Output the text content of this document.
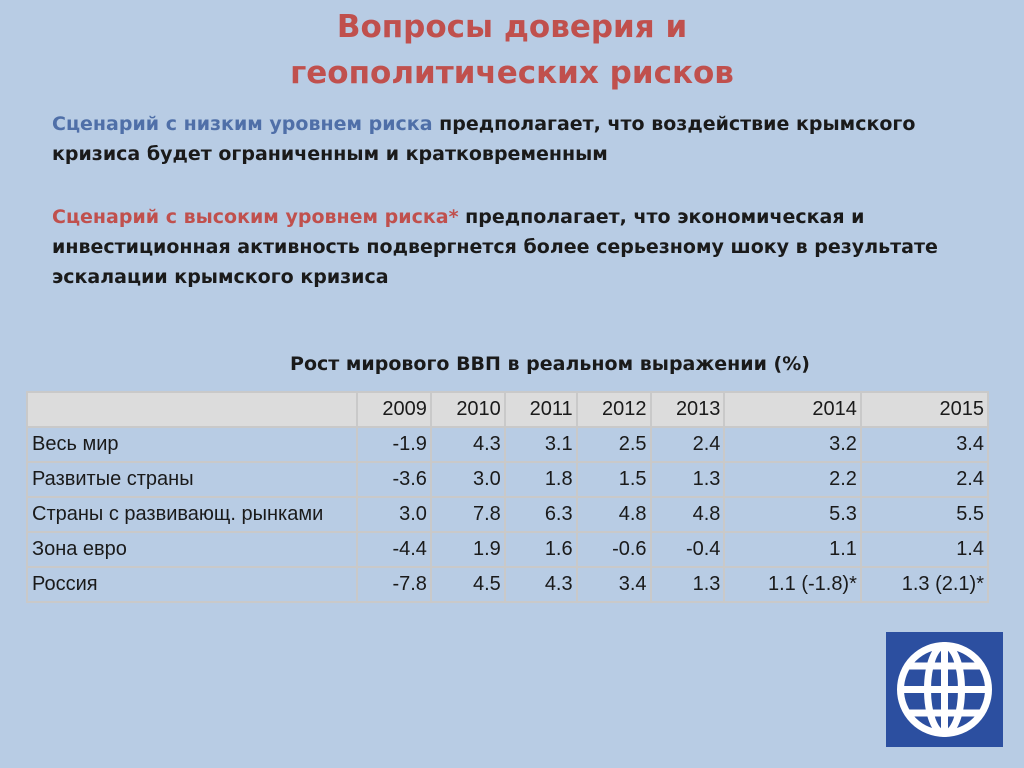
Вопросы доверия и
геополитических рисков
Сценарий с низким уровнем риска предполагает, что воздействие крымского кризиса будет ограниченным и кратковременным
Сценарий с высоким уровнем риска* предполагает, что экономическая и инвестиционная активность подвергнется более серьезному шоку в результате эскалации крымского кризиса
Рост мирового ВВП в реальном выражении (%)
	2009	2010	2011	2012	2013	2014	2015
Весь мир	-1.9	4.3	3.1	2.5	2.4	3.2	3.4
Развитые страны	-3.6	3.0	1.8	1.5	1.3	2.2	2.4
Страны с развивающ. рынками	3.0	7.8	6.3	4.8	4.8	5.3	5.5
Зона евро	-4.4	1.9	1.6	-0.6	-0.4	1.1	1.4
Россия	-7.8	4.5	4.3	3.4	1.3	1.1 (-1.8)*	1.3 (2.1)*
